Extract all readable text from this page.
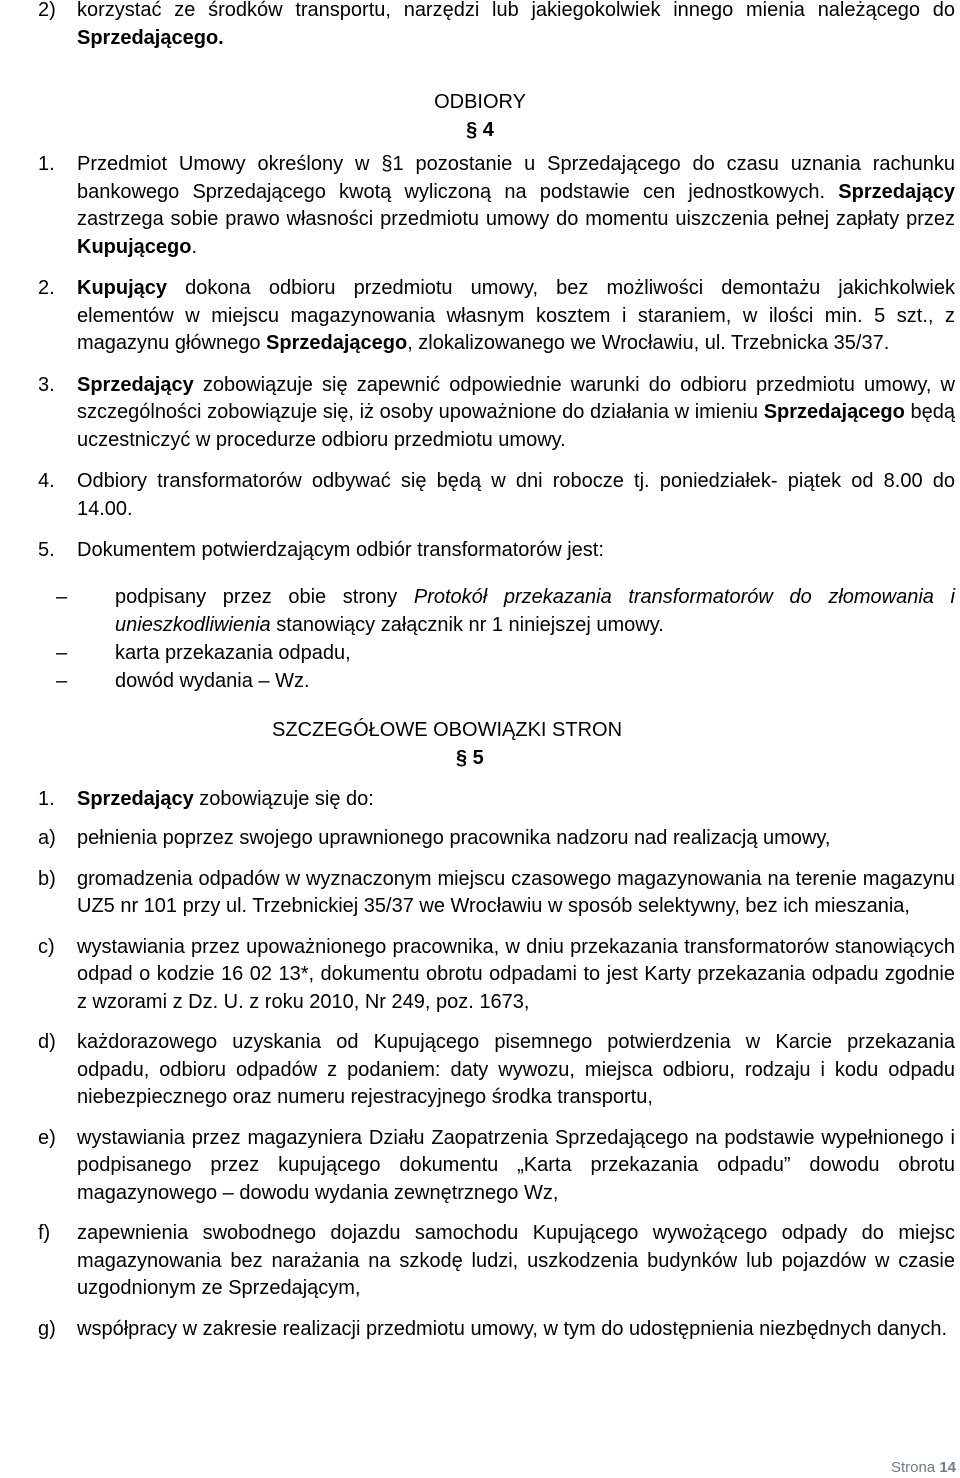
2) korzystać ze środków transportu, narzędzi lub jakiegokolwiek innego mienia należącego do Sprzedającego.
ODBIORY
§ 4
1. Przedmiot Umowy określony w §1 pozostanie u Sprzedającego do czasu uznania rachunku bankowego Sprzedającego kwotą wyliczoną na podstawie cen jednostkowych. Sprzedający zastrzega sobie prawo własności przedmiotu umowy do momentu uiszczenia pełnej zapłaty przez Kupującego.
2. Kupujący dokona odbioru przedmiotu umowy, bez możliwości demontażu jakichkolwiek elementów w miejscu magazynowania własnym kosztem i staraniem, w ilości min. 5 szt., z magazynu głównego Sprzedającego, zlokalizowanego we Wrocławiu, ul. Trzebnicka 35/37.
3. Sprzedający zobowiązuje się zapewnić odpowiednie warunki do odbioru przedmiotu umowy, w szczególności zobowiązuje się, iż osoby upoważnione do działania w imieniu Sprzedającego będą uczestniczyć w procedurze odbioru przedmiotu umowy.
4. Odbiory transformatorów odbywać się będą w dni robocze tj. poniedziałek- piątek od 8.00 do 14.00.
5. Dokumentem potwierdzającym odbiór transformatorów jest:
– podpisany przez obie strony Protokół przekazania transformatorów do złomowania i unieszkodliwienia stanowiący załącznik nr 1 niniejszej umowy.
– karta przekazania odpadu,
– dowód wydania – Wz.
SZCZEGÓŁOWE OBOWIĄZKI STRON
§ 5
1. Sprzedający zobowiązuje się do:
a) pełnienia poprzez swojego uprawnionego pracownika nadzoru nad realizacją umowy,
b) gromadzenia odpadów w wyznaczonym miejscu czasowego magazynowania na terenie magazynu UZ5 nr 101 przy ul. Trzebnickiej 35/37 we Wrocławiu w sposób selektywny, bez ich mieszania,
c) wystawiania przez upoważnionego pracownika, w dniu przekazania transformatorów stanowiących odpad o kodzie 16 02 13*, dokumentu obrotu odpadami to jest Karty przekazania odpadu zgodnie z wzorami z Dz. U. z roku 2010, Nr 249, poz. 1673,
d) każdorazowego uzyskania od Kupującego pisemnego potwierdzenia w Karcie przekazania odpadu, odbioru odpadów z podaniem: daty wywozu, miejsca odbioru, rodzaju i kodu odpadu niebezpiecznego oraz numeru rejestracyjnego środka transportu,
e) wystawiania przez magazyniera Działu Zaopatrzenia Sprzedającego na podstawie wypełnionego i podpisanego przez kupującego dokumentu „Karta przekazania odpadu” dowodu obrotu magazynowego – dowodu wydania zewnętrznego Wz,
f) zapewnienia swobodnego dojazdu samochodu Kupującego wywożącego odpady do miejsc magazynowania bez narażania na szkodę ludzi, uszkodzenia budynków lub pojazdów w czasie uzgodnionym ze Sprzedającym,
g) współpracy w zakresie realizacji przedmiotu umowy, w tym do udostępnienia niezbędnych danych.
Strona 14
